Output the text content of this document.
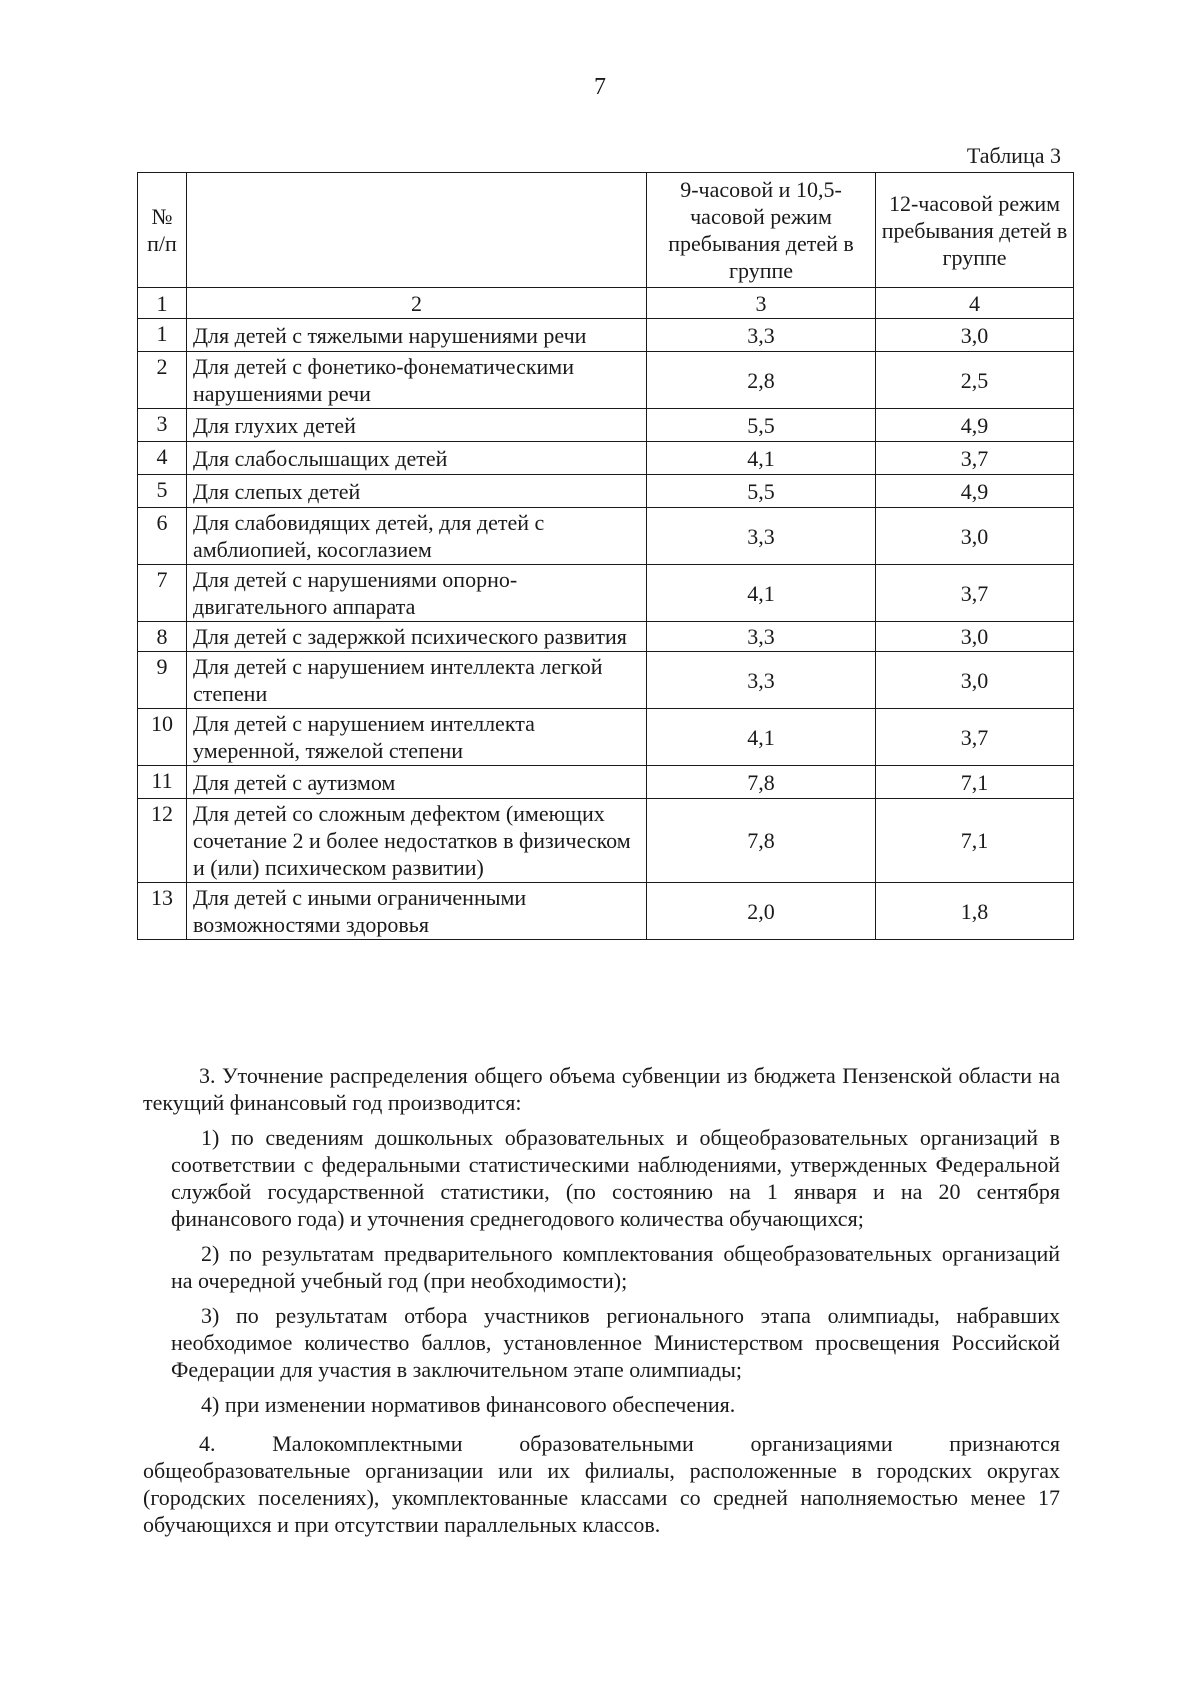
7
Таблица 3
№ п/п		9-часовой и 10,5-часовой режим пребывания детей в группе	12-часовой режим пребывания детей в группе
1	2	3	4
1	Для детей с тяжелыми нарушениями речи	3,3	3,0
2	Для детей с фонетико-фонематическими нарушениями речи	2,8	2,5
3	Для глухих детей	5,5	4,9
4	Для слабослышащих детей	4,1	3,7
5	Для слепых детей	5,5	4,9
6	Для слабовидящих детей, для детей с амблиопией, косоглазием	3,3	3,0
7	Для детей с нарушениями опорно-двигательного аппарата	4,1	3,7
8	Для детей с задержкой психического развития	3,3	3,0
9	Для детей с нарушением интеллекта легкой степени	3,3	3,0
10	Для детей с нарушением интеллекта умеренной, тяжелой степени	4,1	3,7
11	Для детей с аутизмом	7,8	7,1
12	Для детей со сложным дефектом (имеющих сочетание 2 и более недостатков в физическом и (или) психическом развитии)	7,8	7,1
13	Для детей с иными ограниченными возможностями здоровья	2,0	1,8

3. Уточнение распределения общего объема субвенции из бюджета Пензенской области на текущий финансовый год производится:

1) по сведениям дошкольных образовательных и общеобразовательных организаций в соответствии с федеральными статистическими наблюдениями, утвержденных Федеральной службой государственной статистики, (по состоянию на 1 января и на 20 сентября финансового года) и уточнения среднегодового количества обучающихся;

2) по результатам предварительного комплектования общеобразовательных организаций на очередной учебный год (при необходимости);

3) по результатам отбора участников регионального этапа олимпиады, набравших необходимое количество баллов, установленное Министерством просвещения Российской Федерации для участия в заключительном этапе олимпиады;

4) при изменении нормативов финансового обеспечения.

4. Малокомплектными образовательными организациями признаются общеобразовательные организации или их филиалы, расположенные в городских округах (городских поселениях), укомплектованные классами со средней наполняемостью менее 17 обучающихся и при отсутствии параллельных классов.
